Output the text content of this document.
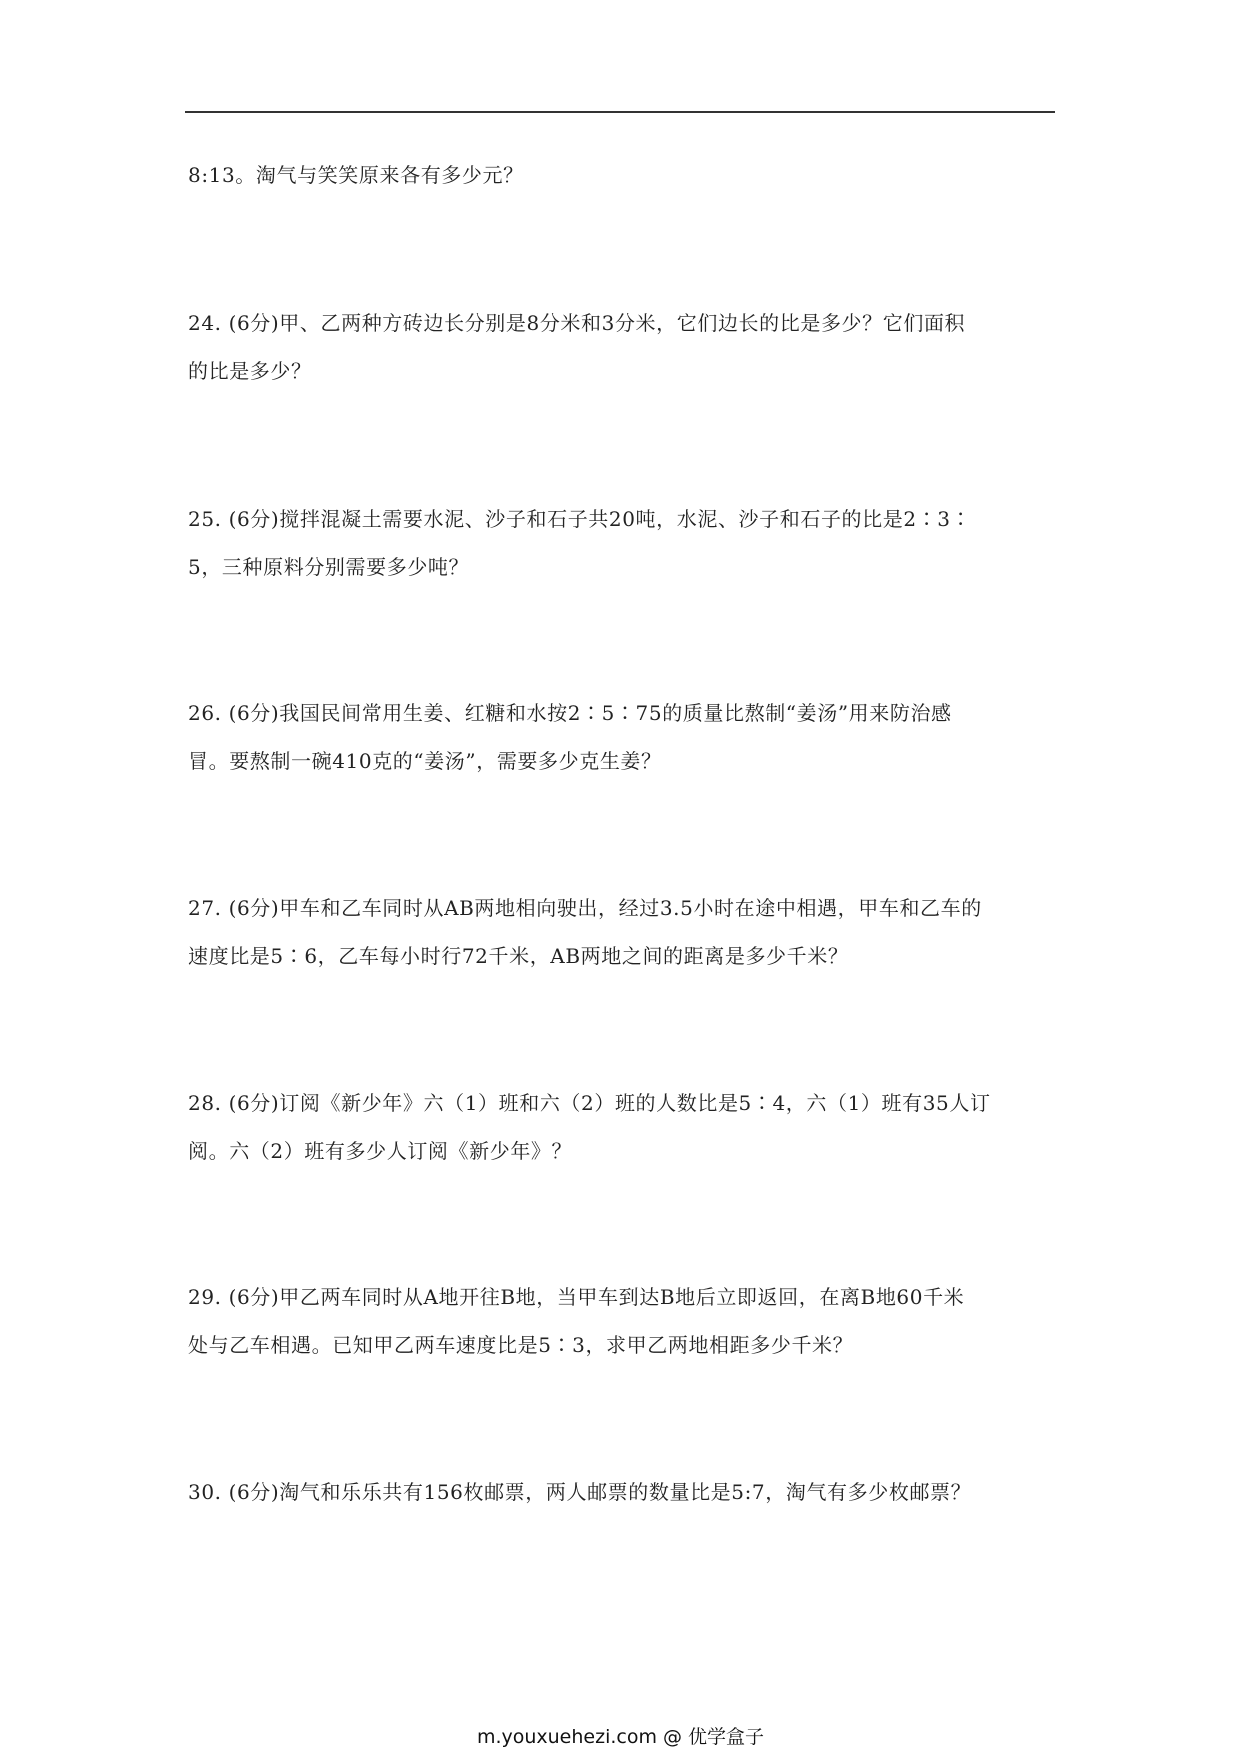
8:13。淘气与笑笑原来各有多少元？
24. (6分)甲、乙两种方砖边长分别是8分米和3分米，它们边长的比是多少？它们面积
的比是多少？
25. (6分)搅拌混凝土需要水泥、沙子和石子共20吨，水泥、沙子和石子的比是2∶3∶
5，三种原料分别需要多少吨？
26. (6分)我国民间常用生姜、红糖和水按2∶5∶75的质量比熬制“姜汤”用来防治感
冒。要熬制一碗410克的“姜汤”，需要多少克生姜？
27. (6分)甲车和乙车同时从AB两地相向驶出，经过3.5小时在途中相遇，甲车和乙车的
速度比是5∶6，乙车每小时行72千米，AB两地之间的距离是多少千米？
28. (6分)订阅《新少年》六（1）班和六（2）班的人数比是5∶4，六（1）班有35人订
阅。六（2）班有多少人订阅《新少年》？
29. (6分)甲乙两车同时从A地开往B地，当甲车到达B地后立即返回，在离B地60千米
处与乙车相遇。已知甲乙两车速度比是5∶3，求甲乙两地相距多少千米？
30. (6分)淘气和乐乐共有156枚邮票，两人邮票的数量比是5:7，淘气有多少枚邮票？
m.youxuehezi.com @ 优学盒子
